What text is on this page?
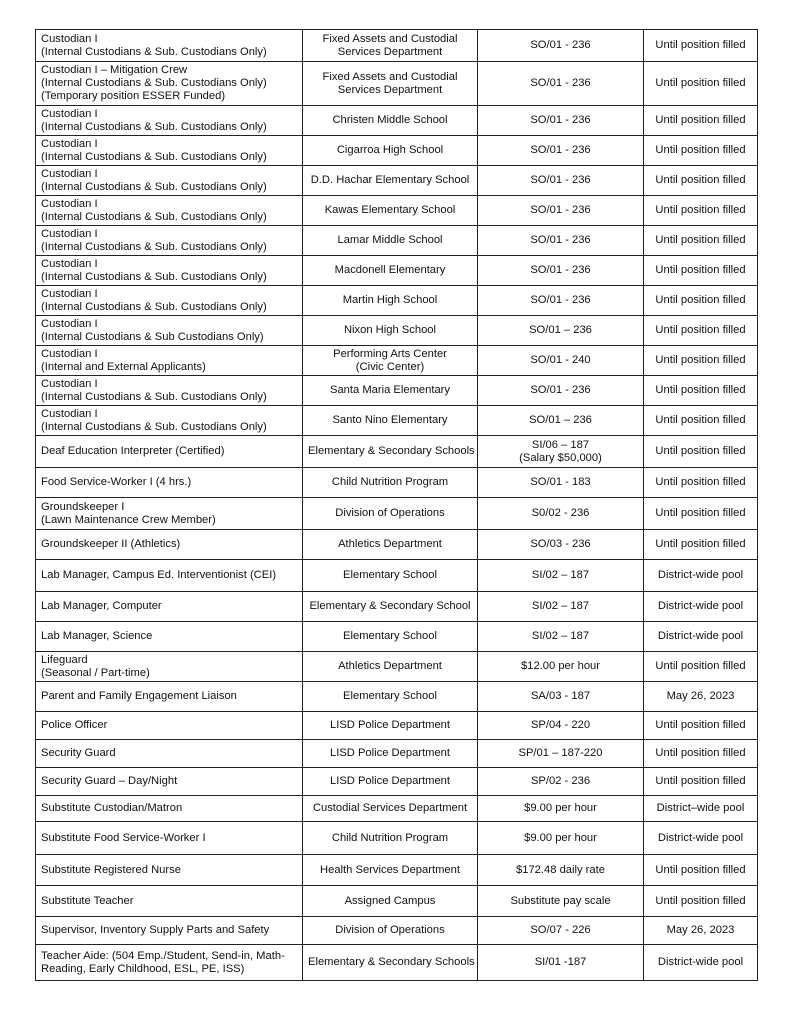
Custodian I
(Internal Custodians & Sub. Custodians Only)	Fixed Assets and Custodial
Services Department	SO/01 - 236	Until position filled

Custodian I – Mitigation Crew
(Internal Custodians & Sub. Custodians Only)
(Temporary position ESSER Funded)	Fixed Assets and Custodial
Services Department	SO/01 - 236	Until position filled

Custodian I
(Internal Custodians & Sub. Custodians Only)	Christen Middle School	SO/01 - 236	Until position filled

Custodian I
(Internal Custodians & Sub. Custodians Only)	Cigarroa High School	SO/01 - 236	Until position filled

Custodian I
(Internal Custodians & Sub. Custodians Only)	D.D. Hachar Elementary School	SO/01 - 236	Until position filled

Custodian I
(Internal Custodians & Sub. Custodians Only)	Kawas Elementary School	SO/01 - 236	Until position filled

Custodian I
(Internal Custodians & Sub. Custodians Only)	Lamar Middle School	SO/01 - 236	Until position filled

Custodian I
(Internal Custodians & Sub. Custodians Only)	Macdonell Elementary	SO/01 - 236	Until position filled

Custodian I
(Internal Custodians & Sub. Custodians Only)	Martin High School	SO/01 - 236	Until position filled

Custodian I
(Internal Custodians & Sub Custodians Only)	Nixon High School	SO/01 – 236	Until position filled

Custodian I
(Internal and External Applicants)	Performing Arts Center
(Civic Center)	SO/01 - 240	Until position filled

Custodian I
(Internal Custodians & Sub. Custodians Only)	Santa Maria Elementary	SO/01 - 236	Until position filled

Custodian I
(Internal Custodians & Sub. Custodians Only)	Santo Nino Elementary	SO/01 – 236	Until position filled

Deaf Education Interpreter (Certified)	Elementary & Secondary Schools	SI/06 – 187
(Salary $50,000)	Until position filled

Food Service-Worker I (4 hrs.)	Child Nutrition Program	SO/01 - 183	Until position filled

Groundskeeper I
(Lawn Maintenance Crew Member)	Division of Operations	S0/02 - 236	Until position filled

Groundskeeper II (Athletics)	Athletics Department	SO/03 - 236	Until position filled

Lab Manager, Campus Ed. Interventionist (CEI)	Elementary School	SI/02 – 187	District-wide pool

Lab Manager, Computer	Elementary & Secondary School	SI/02 – 187	District-wide pool

Lab Manager, Science	Elementary School	SI/02 – 187	District-wide pool

Lifeguard
(Seasonal / Part-time)	Athletics Department	$12.00 per hour	Until position filled

Parent and Family Engagement Liaison	Elementary School	SA/03 - 187	May 26, 2023

Police Officer	LISD Police Department	SP/04 - 220	Until position filled

Security Guard	LISD Police Department	SP/01 – 187-220	Until position filled

Security Guard – Day/Night	LISD Police Department	SP/02 - 236	Until position filled

Substitute Custodian/Matron	Custodial Services Department	$9.00 per hour	District–wide pool

Substitute Food Service-Worker I	Child Nutrition Program	$9.00 per hour	District-wide pool

Substitute Registered Nurse	Health Services Department	$172.48 daily rate	Until position filled

Substitute Teacher	Assigned Campus	Substitute pay scale	Until position filled

Supervisor, Inventory Supply Parts and Safety	Division of Operations	SO/07 - 226	May 26, 2023

Teacher Aide: (504 Emp./Student, Send-in, Math-
Reading, Early Childhood, ESL, PE, ISS)	Elementary & Secondary Schools	SI/01 -187	District-wide pool
